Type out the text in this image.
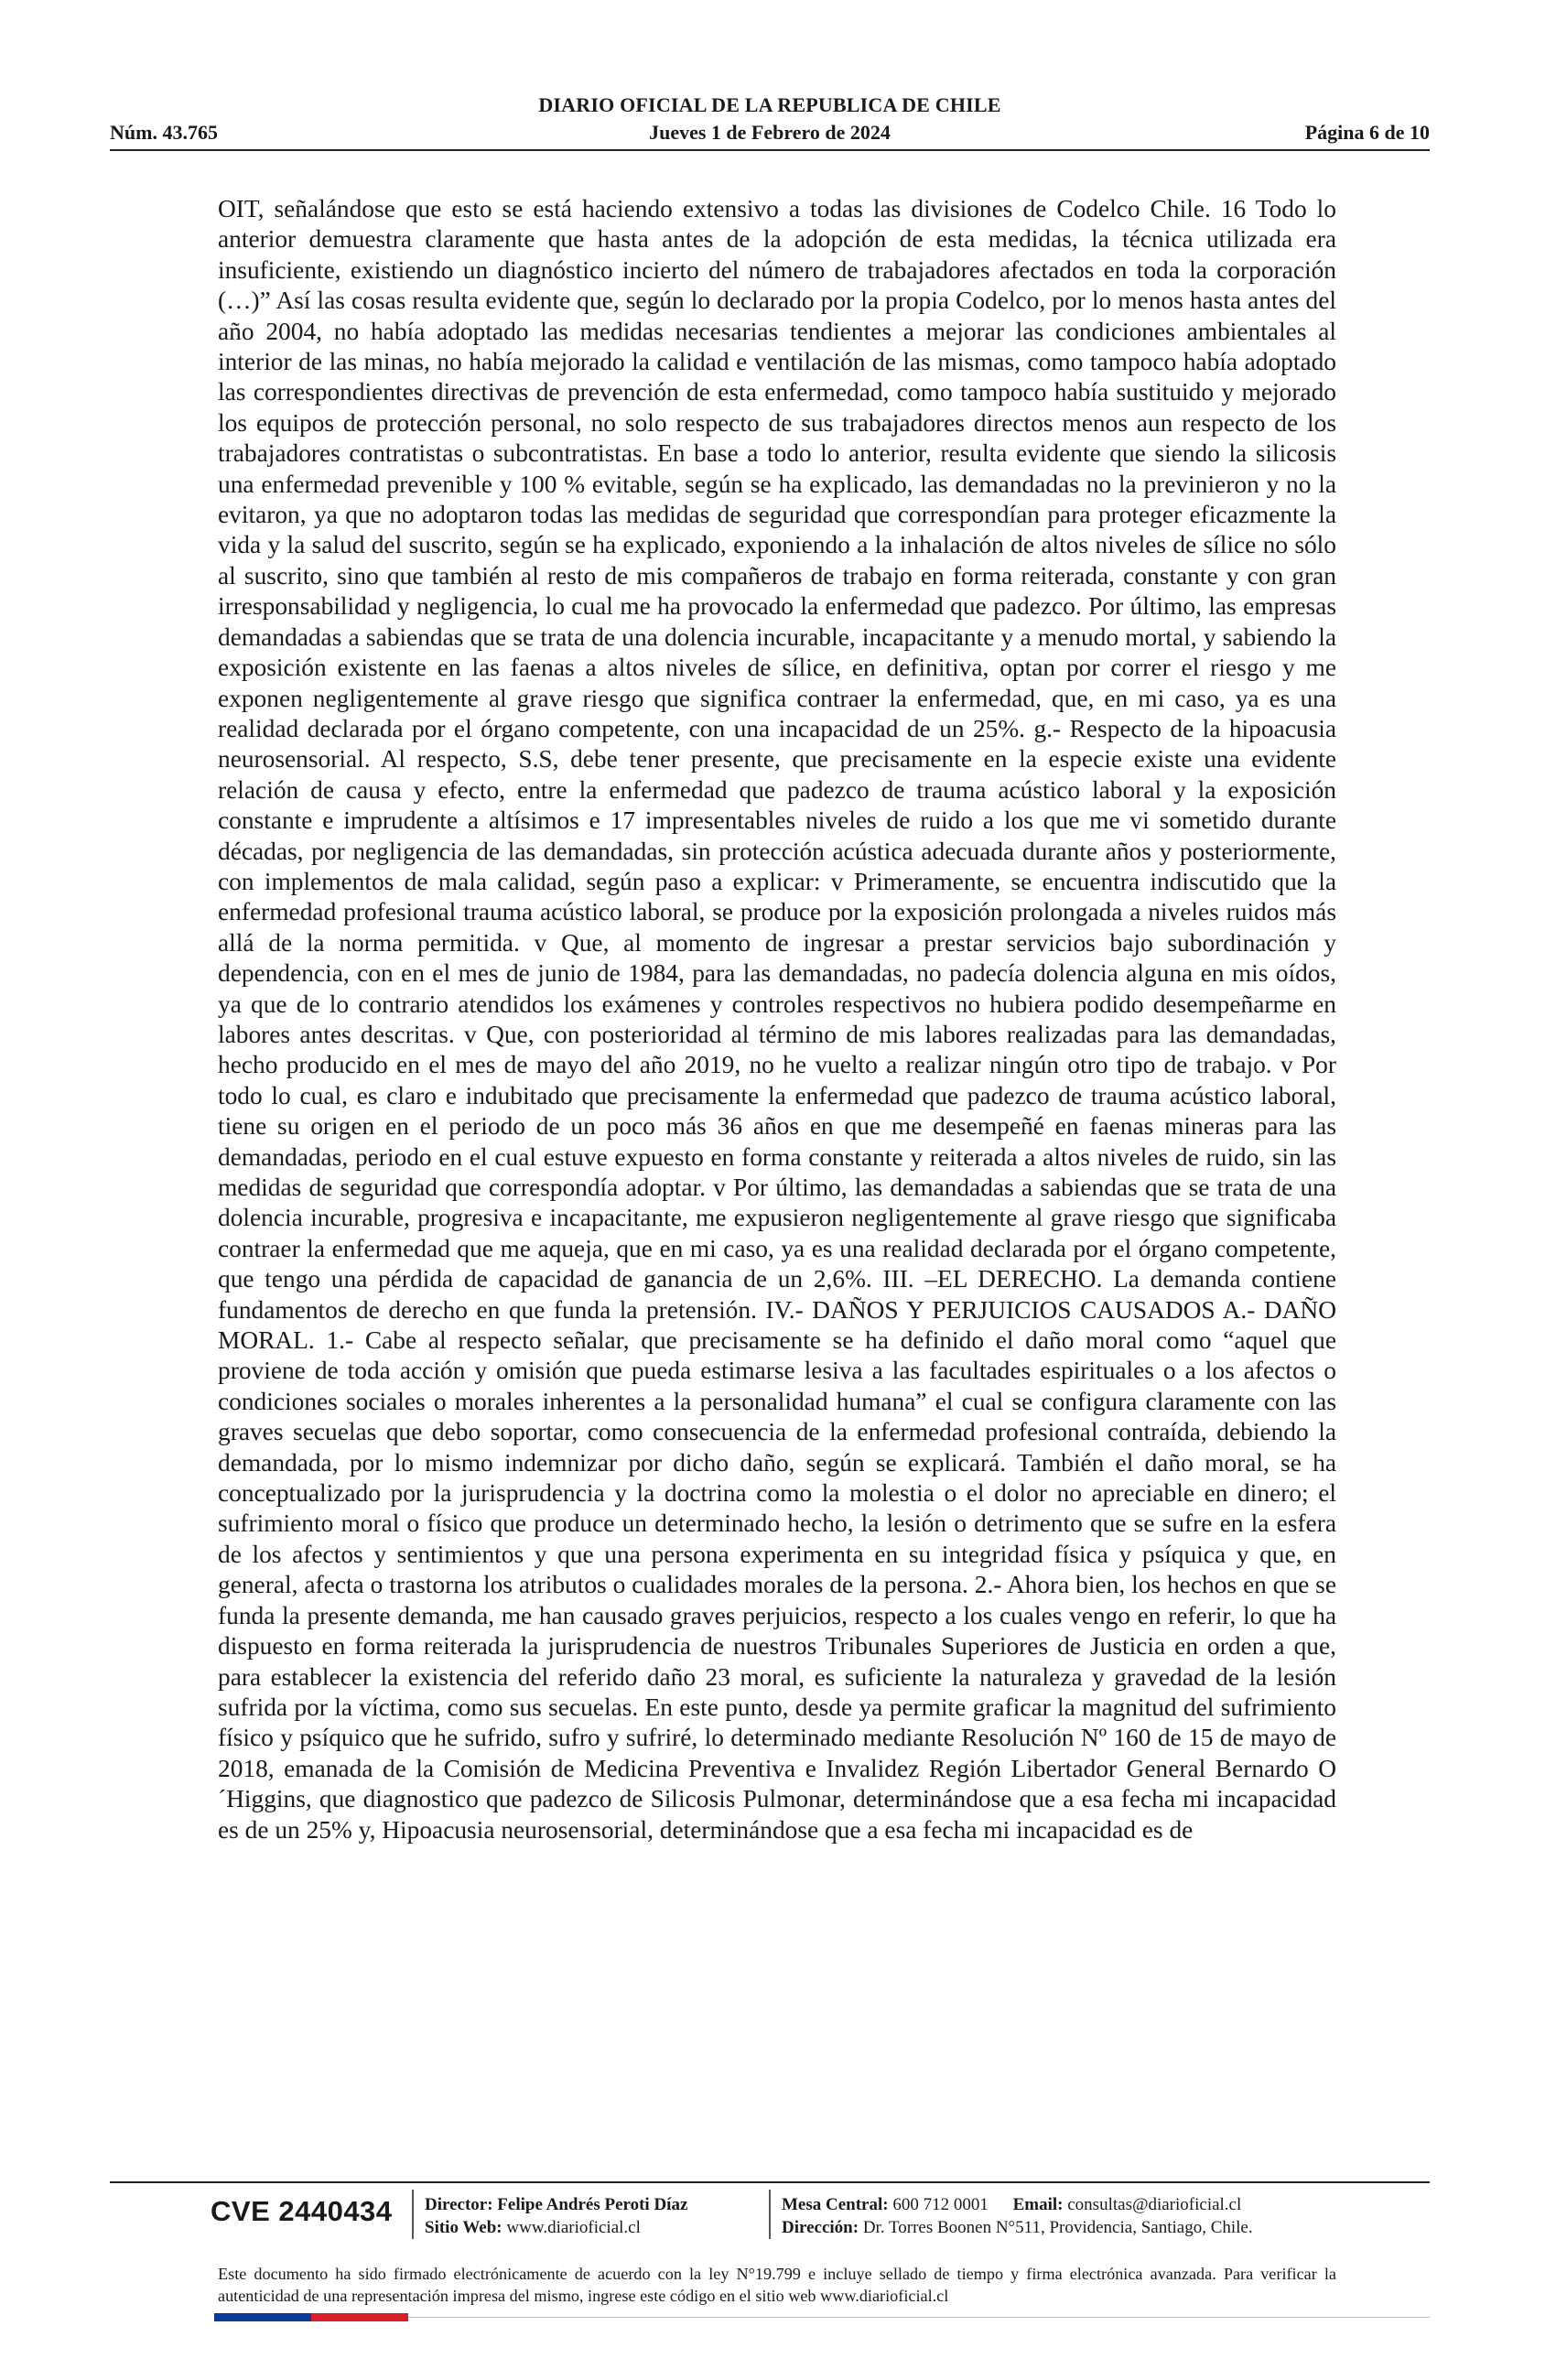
DIARIO OFICIAL DE LA REPUBLICA DE CHILE
Núm. 43.765	Jueves 1 de Febrero de 2024	Página 6 de 10

OIT, señalándose que esto se está haciendo extensivo a todas las divisiones de Codelco Chile. 16 Todo lo anterior demuestra claramente que hasta antes de la adopción de esta medidas, la técnica utilizada era insuficiente, existiendo un diagnóstico incierto del número de trabajadores afectados en toda la corporación (…)” Así las cosas resulta evidente que, según lo declarado por la propia Codelco, por lo menos hasta antes del año 2004, no había adoptado las medidas necesarias tendientes a mejorar las condiciones ambientales al interior de las minas, no había mejorado la calidad e ventilación de las mismas, como tampoco había adoptado las correspondientes directivas de prevención de esta enfermedad, como tampoco había sustituido y mejorado los equipos de protección personal, no solo respecto de sus trabajadores directos menos aun respecto de los trabajadores contratistas o subcontratistas. En base a todo lo anterior, resulta evidente que siendo la silicosis una enfermedad prevenible y 100 % evitable, según se ha explicado, las demandadas no la previnieron y no la evitaron, ya que no adoptaron todas las medidas de seguridad que correspondían para proteger eficazmente la vida y la salud del suscrito, según se ha explicado, exponiendo a la inhalación de altos niveles de sílice no sólo al suscrito, sino que también al resto de mis compañeros de trabajo en forma reiterada, constante y con gran irresponsabilidad y negligencia, lo cual me ha provocado la enfermedad que padezco. Por último, las empresas demandadas a sabiendas que se trata de una dolencia incurable, incapacitante y a menudo mortal, y sabiendo la exposición existente en las faenas a altos niveles de sílice, en definitiva, optan por correr el riesgo y me exponen negligentemente al grave riesgo que significa contraer la enfermedad, que, en mi caso, ya es una realidad declarada por el órgano competente, con una incapacidad de un 25%. g.- Respecto de la hipoacusia neurosensorial. Al respecto, S.S, debe tener presente, que precisamente en la especie existe una evidente relación de causa y efecto, entre la enfermedad que padezco de trauma acústico laboral y la exposición constante e imprudente a altísimos e 17 impresentables niveles de ruido a los que me vi sometido durante décadas, por negligencia de las demandadas, sin protección acústica adecuada durante años y posteriormente, con implementos de mala calidad, según paso a explicar: v Primeramente, se encuentra indiscutido que la enfermedad profesional trauma acústico laboral, se produce por la exposición prolongada a niveles ruidos más allá de la norma permitida. v Que, al momento de ingresar a prestar servicios bajo subordinación y dependencia, con en el mes de junio de 1984, para las demandadas, no padecía dolencia alguna en mis oídos, ya que de lo contrario atendidos los exámenes y controles respectivos no hubiera podido desempeñarme en labores antes descritas. v Que, con posterioridad al término de mis labores realizadas para las demandadas, hecho producido en el mes de mayo del año 2019, no he vuelto a realizar ningún otro tipo de trabajo. v Por todo lo cual, es claro e indubitado que precisamente la enfermedad que padezco de trauma acústico laboral, tiene su origen en el periodo de un poco más 36 años en que me desempeñé en faenas mineras para las demandadas, periodo en el cual estuve expuesto en forma constante y reiterada a altos niveles de ruido, sin las medidas de seguridad que correspondía adoptar. v Por último, las demandadas a sabiendas que se trata de una dolencia incurable, progresiva e incapacitante, me expusieron negligentemente al grave riesgo que significaba contraer la enfermedad que me aqueja, que en mi caso, ya es una realidad declarada por el órgano competente, que tengo una pérdida de capacidad de ganancia de un 2,6%. III. –EL DERECHO. La demanda contiene fundamentos de derecho en que funda la pretensión. IV.- DAÑOS Y PERJUICIOS CAUSADOS A.- DAÑO MORAL. 1.- Cabe al respecto señalar, que precisamente se ha definido el daño moral como “aquel que proviene de toda acción y omisión que pueda estimarse lesiva a las facultades espirituales o a los afectos o condiciones sociales o morales inherentes a la personalidad humana” el cual se configura claramente con las graves secuelas que debo soportar, como consecuencia de la enfermedad profesional contraída, debiendo la demandada, por lo mismo indemnizar por dicho daño, según se explicará. También el daño moral, se ha conceptualizado por la jurisprudencia y la doctrina como la molestia o el dolor no apreciable en dinero; el sufrimiento moral o físico que produce un determinado hecho, la lesión o detrimento que se sufre en la esfera de los afectos y sentimientos y que una persona experimenta en su integridad física y psíquica y que, en general, afecta o trastorna los atributos o cualidades morales de la persona. 2.- Ahora bien, los hechos en que se funda la presente demanda, me han causado graves perjuicios, respecto a los cuales vengo en referir, lo que ha dispuesto en forma reiterada la jurisprudencia de nuestros Tribunales Superiores de Justicia en orden a que, para establecer la existencia del referido daño 23 moral, es suficiente la naturaleza y gravedad de la lesión sufrida por la víctima, como sus secuelas. En este punto, desde ya permite graficar la magnitud del sufrimiento físico y psíquico que he sufrido, sufro y sufriré, lo determinado mediante Resolución Nº 160 de 15 de mayo de 2018, emanada de la Comisión de Medicina Preventiva e Invalidez Región Libertador General Bernardo O´Higgins, que diagnostico que padezco de Silicosis Pulmonar, determinándose que a esa fecha mi incapacidad es de un 25% y, Hipoacusia neurosensorial, determinándose que a esa fecha mi incapacidad es de

CVE 2440434 Director: Felipe Andrés Peroti Díaz
Sitio Web: www.diarioficial.cl
Mesa Central: 600 712 0001 Email: consultas@diarioficial.cl
Dirección: Dr. Torres Boonen N°511, Providencia, Santiago, Chile.
Este documento ha sido firmado electrónicamente de acuerdo con la ley N°19.799 e incluye sellado de tiempo y firma electrónica avanzada. Para verificar la autenticidad de una representación impresa del mismo, ingrese este código en el sitio web www.diarioficial.cl
